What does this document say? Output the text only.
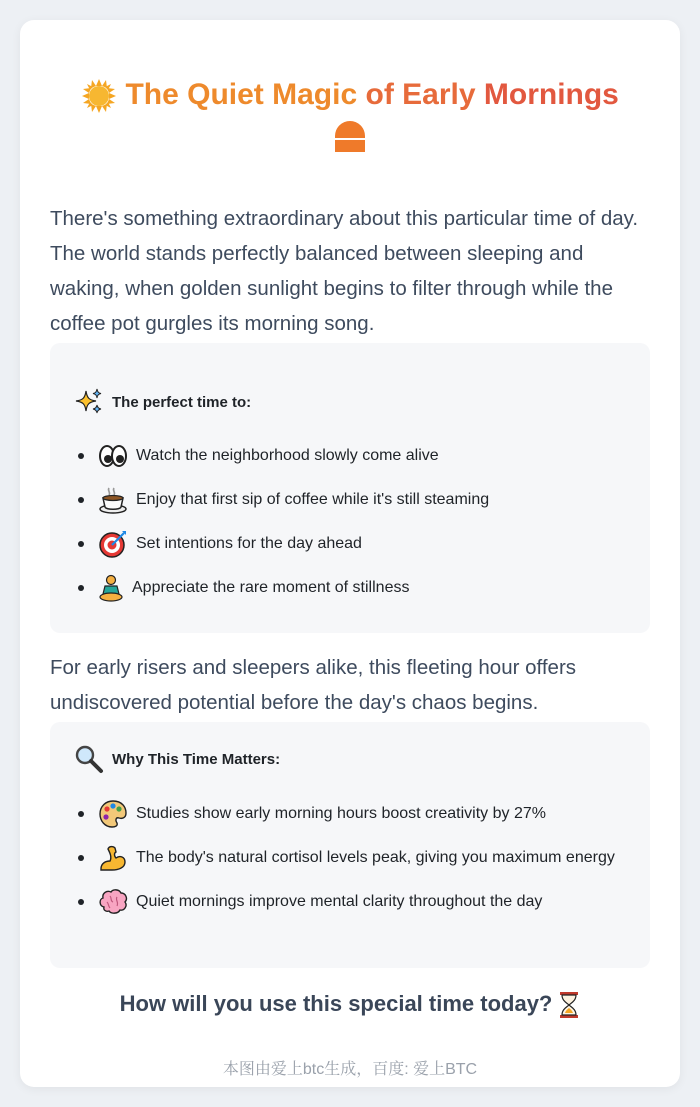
The Quiet Magic of Early Mornings

There's something extraordinary about this particular time of day. The world stands perfectly balanced between sleeping and waking, when golden sunlight begins to filter through while the coffee pot gurgles its morning song.

The perfect time to:
Watch the neighborhood slowly come alive
Enjoy that first sip of coffee while it's still steaming
Set intentions for the day ahead
Appreciate the rare moment of stillness

For early risers and sleepers alike, this fleeting hour offers undiscovered potential before the day's chaos begins.

Why This Time Matters:
Studies show early morning hours boost creativity by 27%
The body's natural cortisol levels peak, giving you maximum energy
Quiet mornings improve mental clarity throughout the day
How will you use this special time today?
本图由爱上btc生成，百度: 爱上BTC
